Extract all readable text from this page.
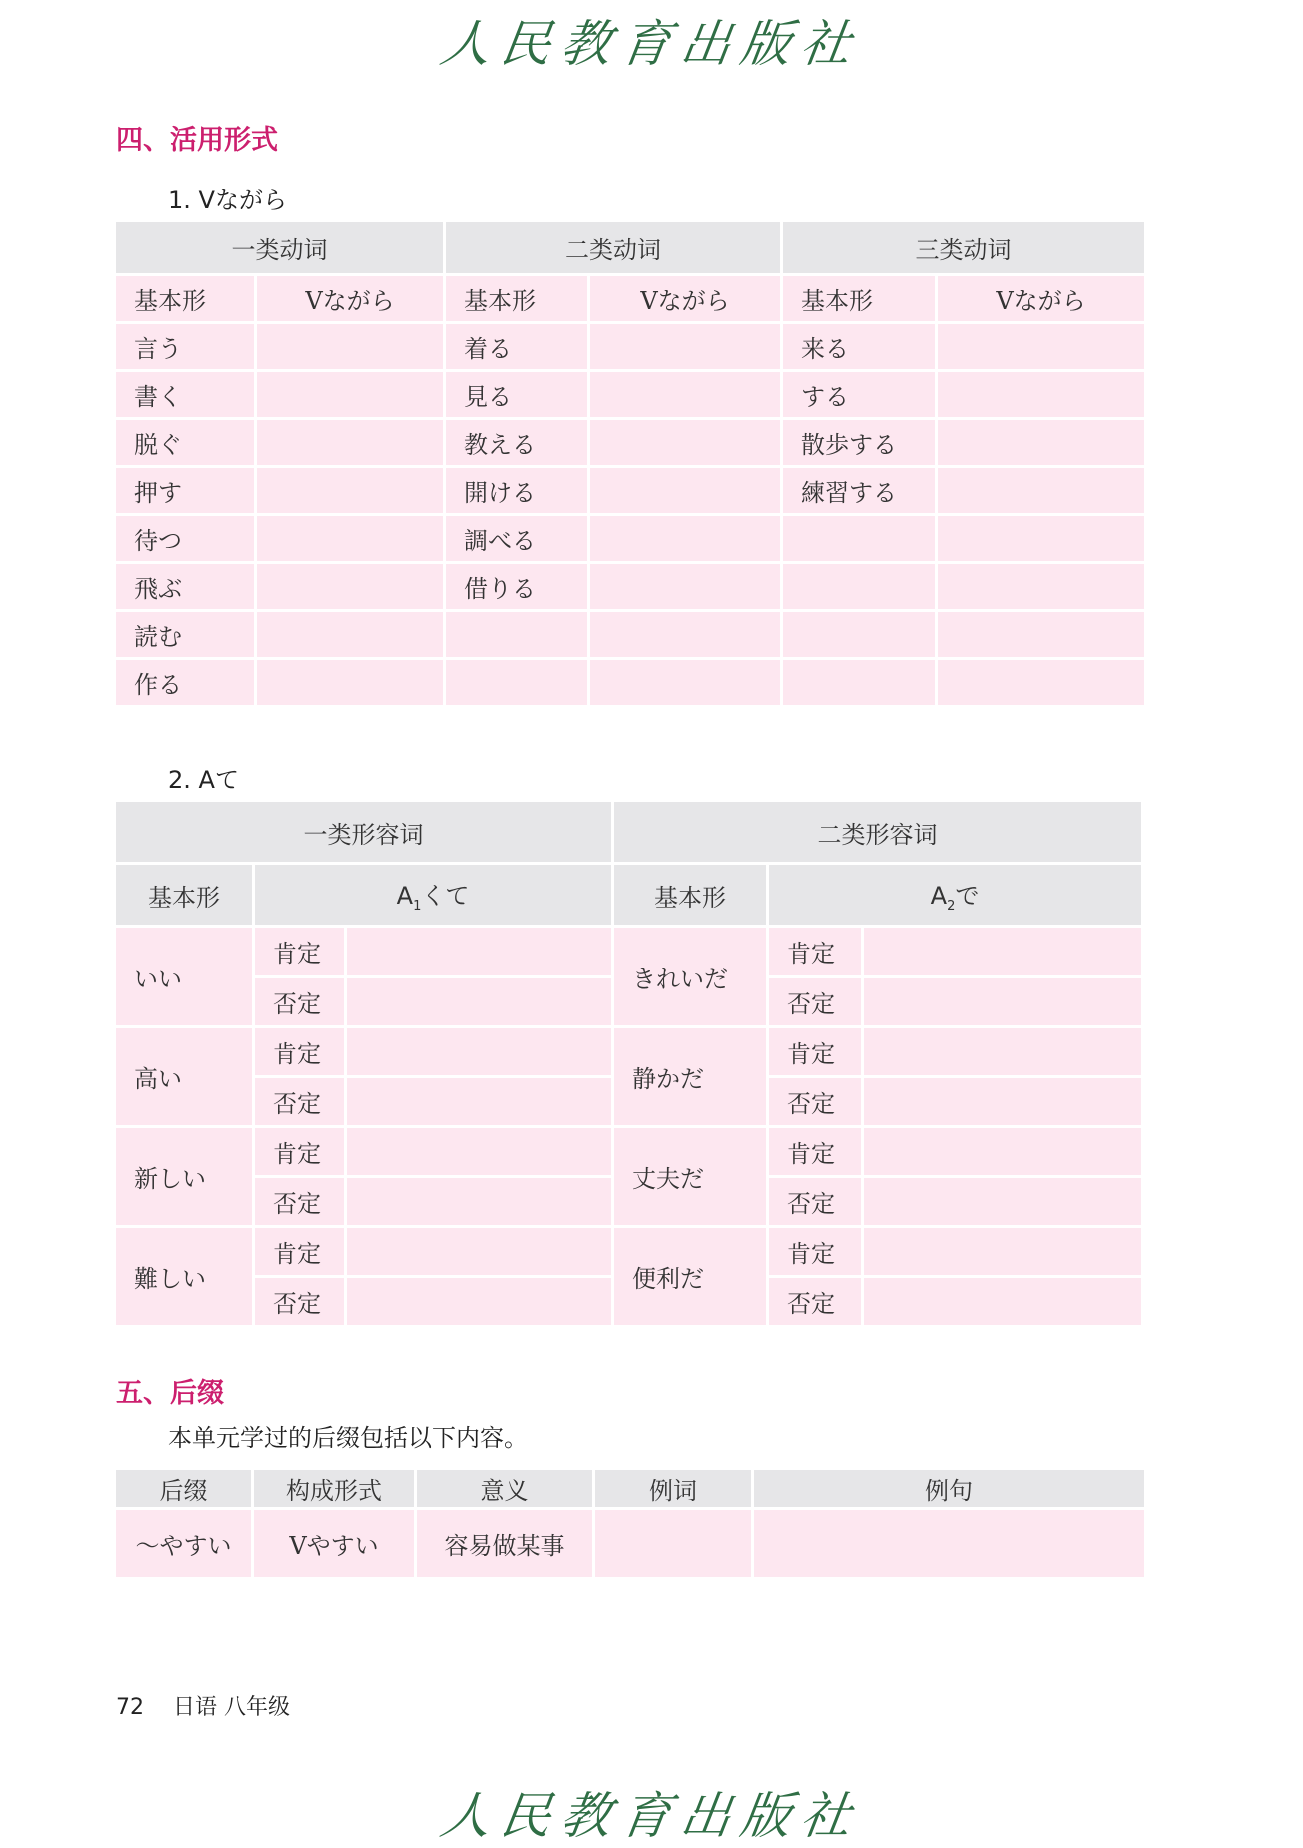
人民教育出版社
四、活用形式
1. Vながら
一类动词		二类动词		三类动词	
基本形	Vながら	基本形	Vながら	基本形	Vながら
言う		着る		来る	
書く		見る		する	
脱ぐ		教える		散歩する	
押す		開ける		練習する	
待つ		調べる			
飛ぶ		借りる			
読む					
作る					
2. Aて
一类形容词			二类形容词		
基本形	$A_1$くて		基本形	$A_2$で	
いい	肯定		きれいだ	肯定	
	否定			否定	
高い	肯定		静かだ	肯定	
	否定			否定	
新しい	肯定		丈夫だ	肯定	
	否定			否定	
難しい	肯定		便利だ	肯定	
	否定			否定	
五、后缀
本单元学过的后缀包括以下内容。
后缀	构成形式	意义	例词	例句
～やすい	Vやすい	容易做某事		
72 日语 八年级
人民教育出版社
